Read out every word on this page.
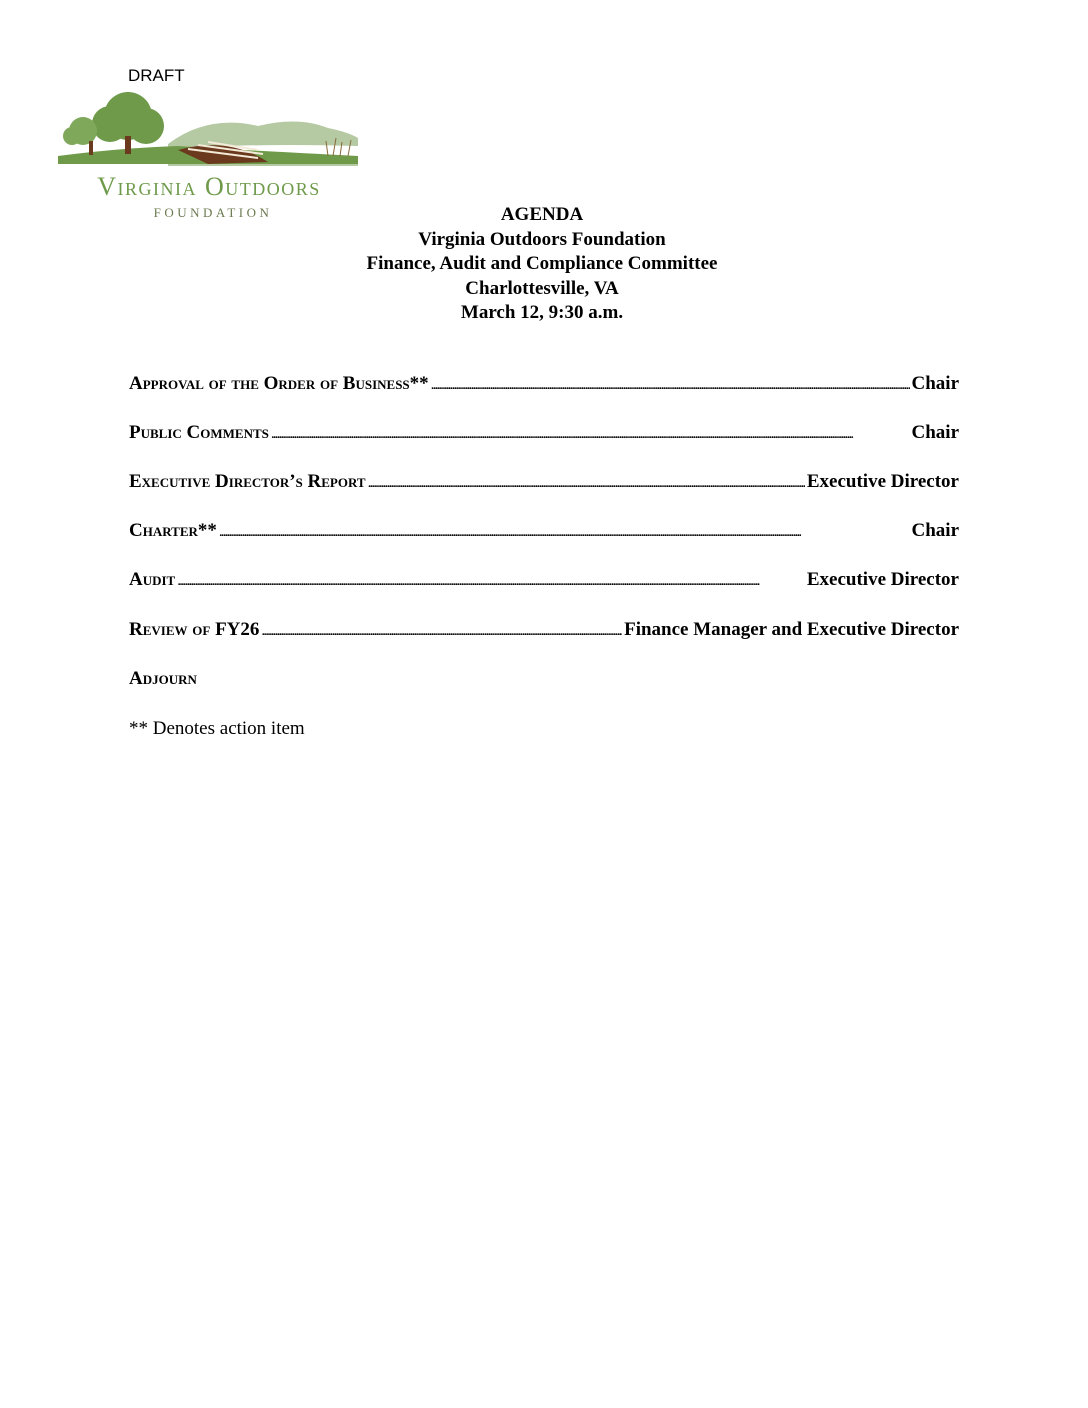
DRAFT
Virginia Outdoors
FOUNDATION	AGENDA
Virginia Outdoors Foundation
Finance, Audit and Compliance Committee
Charlottesville, VA
March 12, 9:30 a.m.
Approval of the Order of Business** . . .	Chair
Public Comments . . .	Chair
Executive Director’s Report . . .	Executive Director
Charter** . . .	Chair
Audit . . .	Executive Director
Review of FY26 . . .	Finance Manager and Executive Director
Adjourn
** Denotes action item
